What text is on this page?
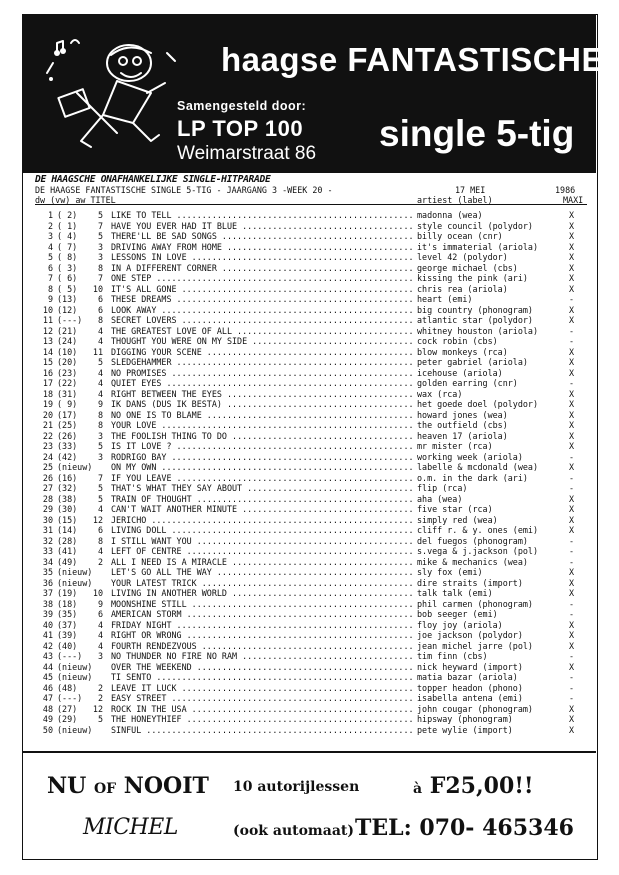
haagse FANTASTISCHE
Samengesteld door:
LP TOP 100
Weimarstraat 86 single 5-tig
DE HAAGSCHE ONAFHANKELIJKE SINGLE-HITPARADE
DE HAAGSE FANTASTISCHE SINGLE 5-TIG - JAARGANG 3 -WEEK 20 -	17 MEI	1986
dw (vw) aw TITEL	artiest (label)	MAXI
1 ( 2)	5 LIKE TO TELL .....	madonna (wea)	X
2 ( 1)	7 HAVE YOU EVER HAD IT BLUE .....	style council (polydor)	X
3 ( 4)	5 THERE'LL BE SAD SONGS .....	billy ocean (cnr)	X
4 ( 7)	3 DRIVING AWAY FROM HOME .....	it's immaterial (ariola)	X
5 ( 8)	3 LESSONS IN LOVE .....	level 42 (polydor)	X
6 ( 3)	8 IN A DIFFERENT CORNER .....	george michael (cbs)	X
7 ( 6)	7 ONE STEP .....	kissing the pink (ari)	X
8 ( 5)	10 IT'S ALL GONE .....	chris rea (ariola)	X
9 (13)	6 THESE DREAMS .....	heart (emi)	-
10 (12)	6 LOOK AWAY .....	big country (phonogram)	X
11 (---)	8 SECRET LOVERS .....	atlantic star (polydor)	X
12 (21)	4 THE GREATEST LOVE OF ALL .....	whitney houston (ariola)	-
13 (24)	4 THOUGHT YOU WERE ON MY SIDE .....	cock robin (cbs)	-
14 (10)	11 DIGGING YOUR SCENE .....	blow monkeys (rca)	X
15 (20)	5 SLEDGEHAMMER .....	peter gabriel (ariola)	X
16 (23)	4 NO PROMISES .....	icehouse (ariola)	X
17 (22)	4 QUIET EYES .....	golden earring (cnr)	-
18 (31)	4 RIGHT BETWEEN THE EYES .....	wax (rca)	X
19 ( 9)	9 IK DANS (DUS IK BESTA) .....	het goede doel (polydor)	X
20 (17)	8 NO ONE IS TO BLAME .....	howard jones (wea)	X
21 (25)	8 YOUR LOVE .....	the outfield (cbs)	X
22 (26)	3 THE FOOLISH THING TO DO .....	heaven 17 (ariola)	X
23 (33)	5 IS IT LOVE ? .....	mr mister (rca)	X
24 (42)	3 RODRIGO BAY .....	working week (ariola)	-
25 (nieuw)	ON MY OWN .....	labelle & mcdonald (wea)	X
26 (16)	7 IF YOU LEAVE .....	o.m. in the dark (ari)	-
27 (32)	5 THAT'S WHAT THEY SAY ABOUT .....	flip (rca)	-
28 (38)	5 TRAIN OF THOUGHT .....	aha (wea)	X
29 (30)	4 CAN'T WAIT ANOTHER MINUTE .....	five star (rca)	X
30 (15)	12 JERICHO .....	simply red (wea)	X
31 (14)	6 LIVING DOLL .....	cliff r. & y. ones (emi)	X
32 (28)	8 I STILL WANT YOU .....	del fuegos (phonogram)	-
33 (41)	4 LEFT OF CENTRE .....	s.vega & j.jackson (pol)	-
34 (49)	2 ALL I NEED IS A MIRACLE .....	mike & mechanics (wea)	-
35 (nieuw)	LET'S GO ALL THE WAY .....	sly fox (emi)	X
36 (nieuw)	YOUR LATEST TRICK .....	dire straits (import)	X
37 (19)	10 LIVING IN ANOTHER WORLD .....	talk talk (emi)	X
38 (18)	9 MOONSHINE STILL .....	phil carmen (phonogram)	-
39 (35)	6 AMERICAN STORM .....	bob seeger (emi)	-
40 (37)	4 FRIDAY NIGHT .....	floy joy (ariola)	X
41 (39)	4 RIGHT OR WRONG .....	joe jackson (polydor)	X
42 (40)	4 FOURTH RENDEZVOUS .....	jean michel jarre (pol)	X
43 (---)	3 NO THUNDER NO FIRE NO RAM .....	tim finn (cbs)	-
44 (nieuw)	OVER THE WEEKEND .....	nick heyward (import)	X
45 (nieuw)	TI SENTO .....	matia bazar (ariola)	-
46 (48)	2 LEAVE IT LUCK .....	topper headon (phono)	-
47 (---)	2 EASY STREET .....	isabella antena (emi)	-
48 (27)	12 ROCK IN THE USA .....	john cougar (phonogram)	X
49 (29)	5 THE HONEYTHIEF .....	hipsway (phonogram)	X
50 (nieuw)	SINFUL .....	pete wylie (import)	X
NU OF NOOIT 10 autorijlessen	à F25,00!!
MICHEL	(ook automaat) TEL: 070- 465346
